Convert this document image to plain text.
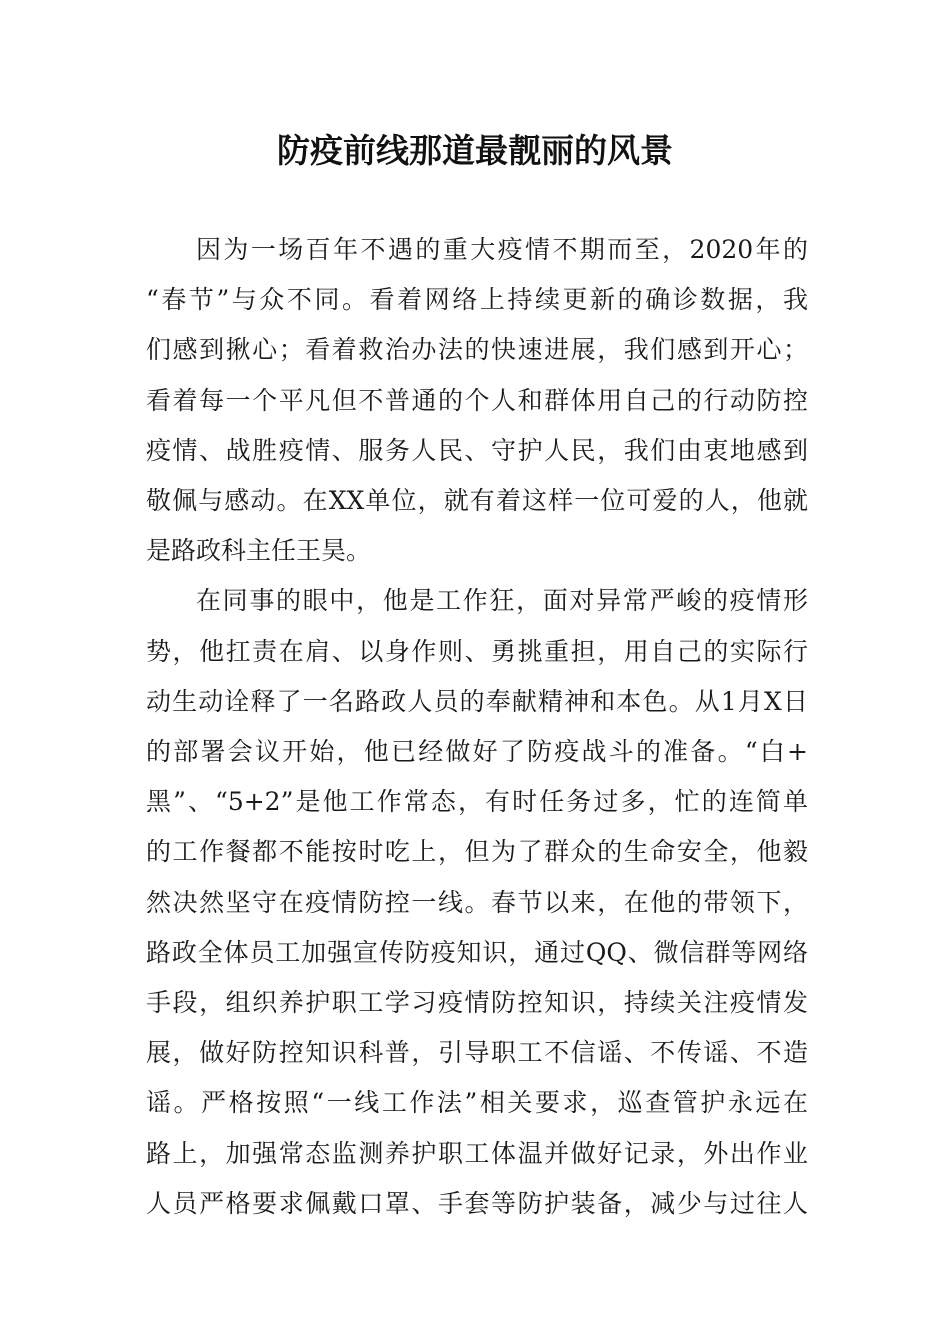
防疫前线那道最靓丽的风景

因为一场百年不遇的重大疫情不期而至，2020年的
“春节”与众不同。看着网络上持续更新的确诊数据，我
们感到揪心；看着救治办法的快速进展，我们感到开心；
看着每一个平凡但不普通的个人和群体用自己的行动防控
疫情、战胜疫情、服务人民、守护人民，我们由衷地感到
敬佩与感动。在XX单位，就有着这样一位可爱的人，他就
是路政科主任王昊。

在同事的眼中，他是工作狂，面对异常严峻的疫情形
势，他扛责在肩、以身作则、勇挑重担，用自己的实际行
动生动诠释了一名路政人员的奉献精神和本色。从1月X日
的部署会议开始，他已经做好了防疫战斗的准备。“白+
黑”、“5+2”是他工作常态，有时任务过多，忙的连简单
的工作餐都不能按时吃上，但为了群众的生命安全，他毅
然决然坚守在疫情防控一线。春节以来，在他的带领下，
路政全体员工加强宣传防疫知识，通过QQ、微信群等网络
手段，组织养护职工学习疫情防控知识，持续关注疫情发
展，做好防控知识科普，引导职工不信谣、不传谣、不造
谣。严格按照“一线工作法”相关要求，巡查管护永远在
路上，加强常态监测养护职工体温并做好记录，外出作业
人员严格要求佩戴口罩、手套等防护装备，减少与过往人
